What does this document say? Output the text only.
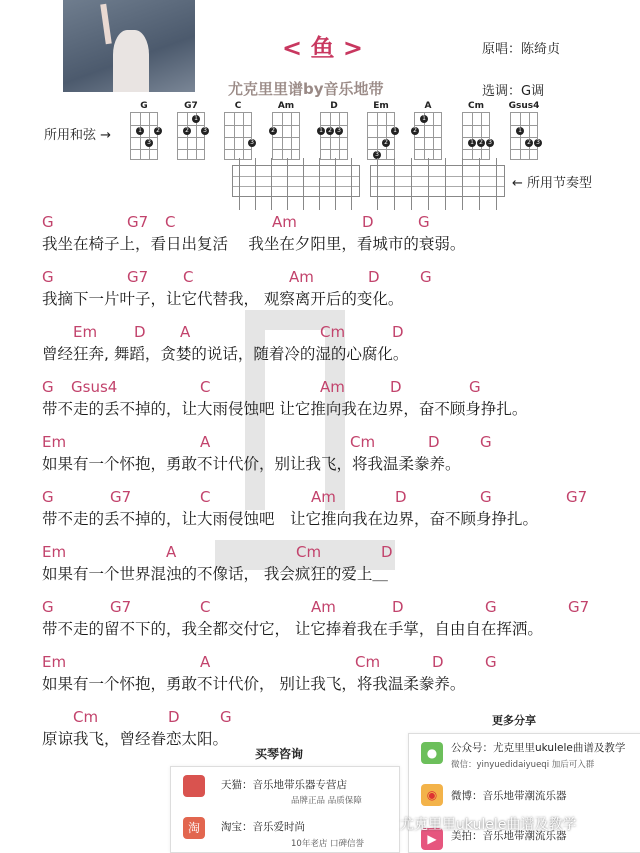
< 鱼 >	原唱：陈绮贞
尤克里里谱by音乐地带	选调：G调
所用和弦 →
G
1	2
3
G7
1
2	3
C
3
Am
2
D
1 2 3
Em
1
2
3
A
1
2
Cm
1 2 3
Gsus4
1
2 3
← 所用节奏型
G	G7 C	Am	D	G
我坐在椅子上，看日出复活　 我坐在夕阳里，看城市的衰弱。
G	G7 C	Am	D	G
我摘下一片叶子，让它代替我， 观察离开后的变化。
Em D A	Cm	D
曾经狂奔, 舞蹈，贪婪的说话，随着冷的湿的心腐化。
G Gsus4	C	Am	D	G
带不走的丢不掉的，让大雨侵蚀吧 让它推向我在边界，奋不顾身挣扎。
Em	A	Cm	D	G
如果有一个怀抱，勇敢不计代价，别让我飞，将我温柔豢养。
G	G7	C	Am	D	G	G7
带不走的丢不掉的，让大雨侵蚀吧　让它推向我在边界，奋不顾身挣扎。
Em	A	Cm	D
如果有一个世界混浊的不像话， 我会疯狂的爱上＿
G	G7	C	Am	D	G	G7
带不走的留不下的，我全都交付它， 让它捧着我在手掌，自由自在挥洒。
Em	A	Cm	D	G
如果有一个怀抱，勇敢不计代价， 别让我飞，将我温柔豢养。
Cm	D	G
原谅我飞，曾经眷恋太阳。
买琴咨询
天猫：音乐地带乐器专营店
品牌正品 品质保障
淘	淘宝：音乐爱时尚
10年老店 口碑信誉
更多分享
●	公众号：尤克里里ukulele曲谱及教学
微信：yinyuedidaiyueqi 加后可入群
◉	微博：音乐地带潮流乐器
▶	美拍：音乐地带潮流乐器
尤克里里ukulele曲谱及教学
